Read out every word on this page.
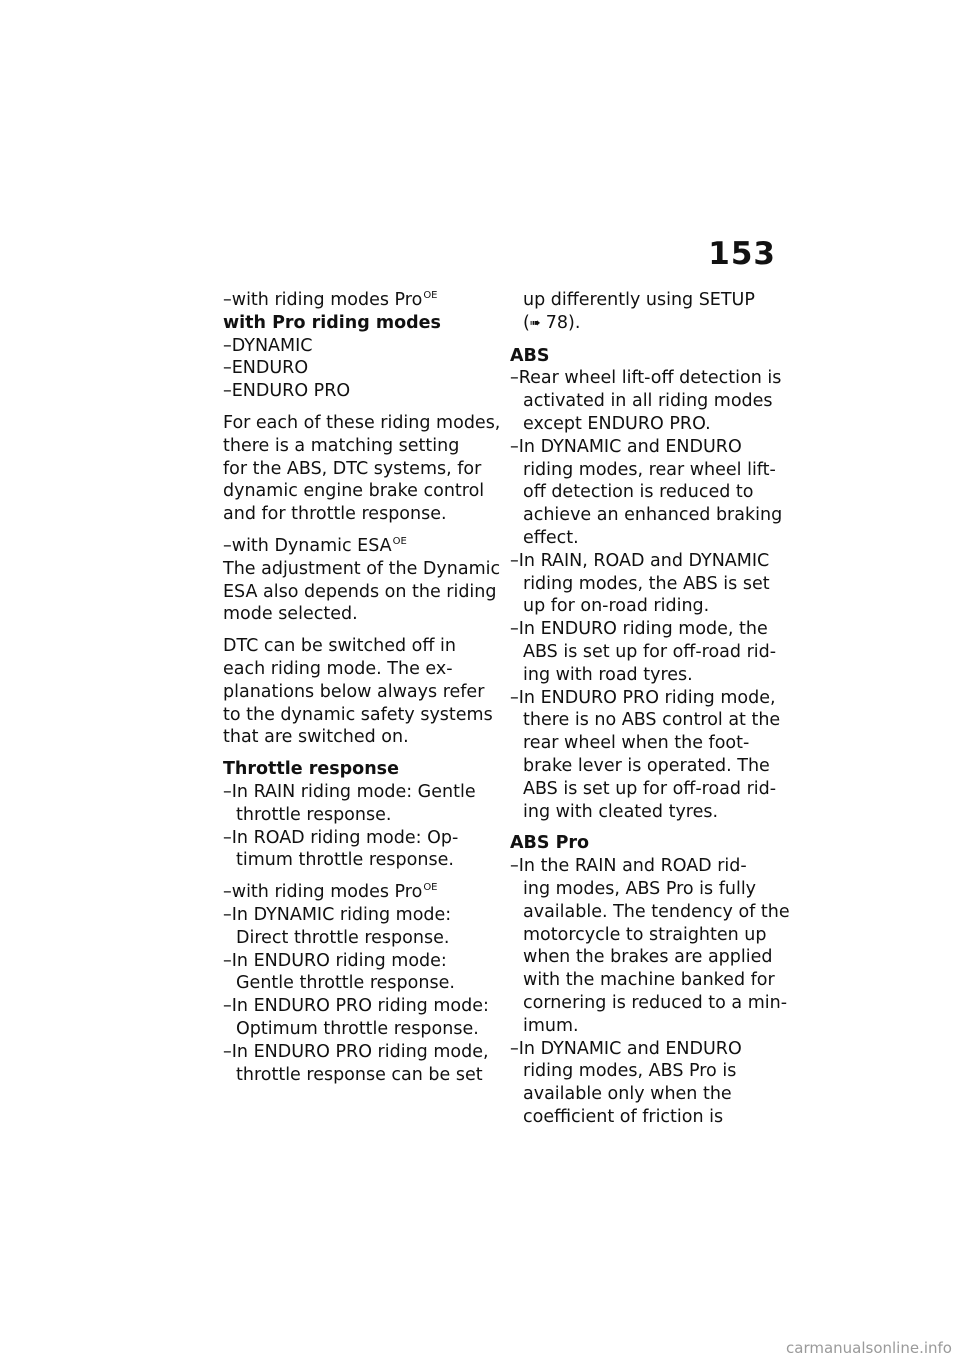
153
–with riding modes Pro$^{OE}$
with Pro riding modes
–DYNAMIC
–ENDURO
–ENDURO PRO
For each of these riding modes,
there is a matching setting
for the ABS, DTC systems, for
dynamic engine brake control
and for throttle response.
–with Dynamic $ESA^{OE}$
The adjustment of the Dynamic
ESA also depends on the riding
mode selected.
DTC can be switched off in
each riding mode. The ex-
planations below always refer
to the dynamic safety systems
that are switched on.
Throttle response
–In RAIN riding mode: Gentle
throttle response.
–In ROAD riding mode: Op-
timum throttle response.
–with riding modes Pro$^{OE}$
–In DYNAMIC riding mode:
Direct throttle response.
–In ENDURO riding mode:
Gentle throttle response.
–In ENDURO PRO riding mode:
Optimum throttle response.
–In ENDURO PRO riding mode,
throttle response can be set
up differently using SETUP
(➠ 78).
ABS
–Rear wheel lift-off detection is
activated in all riding modes
except ENDURO PRO.
–In DYNAMIC and ENDURO
riding modes, rear wheel lift-
off detection is reduced to
achieve an enhanced braking
effect.
–In RAIN, ROAD and DYNAMIC
riding modes, the ABS is set
up for on-road riding.
–In ENDURO riding mode, the
ABS is set up for off-road rid-
ing with road tyres.
–In ENDURO PRO riding mode,
there is no ABS control at the
rear wheel when the foot-
brake lever is operated. The
ABS is set up for off-road rid-
ing with cleated tyres.
ABS Pro
–In the RAIN and ROAD rid-
ing modes, ABS Pro is fully
available. The tendency of the
motorcycle to straighten up
when the brakes are applied
with the machine banked for
cornering is reduced to a min-
imum.
–In DYNAMIC and ENDURO
riding modes, ABS Pro is
available only when the
coefficient of friction is
carmanualsonline.info
